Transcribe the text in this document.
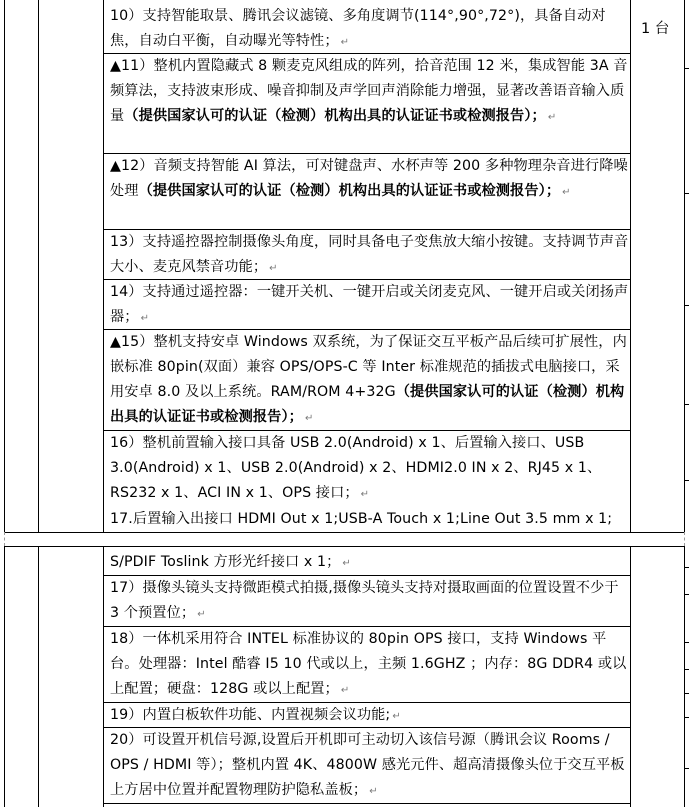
1 台
10）支持智能取景、腾讯会议滤镜、多角度调节(114°,90°,72°)，具备自动对焦，自动白平衡，自动曝光等特性； ↵
▲11）整机内置隐藏式 8 颗麦克风组成的阵列，拾音范围 12 米，集成智能 3A 音频算法，支持波束形成、噪音抑制及声学回声消除能力增强，显著改善语音输入质量（提供国家认可的认证（检测）机构出具的认证证书或检测报告）； ↵
▲12）音频支持智能 AI 算法，可对键盘声、水杯声等 200 多种物理杂音进行降噪处理（提供国家认可的认证（检测）机构出具的认证证书或检测报告）； ↵
13）支持遥控器控制摄像头角度，同时具备电子变焦放大缩小按键。支持调节声音大小、麦克风禁音功能； ↵
14）支持通过遥控器：一键开关机、一键开启或关闭麦克风、一键开启或关闭扬声器； ↵
▲15）整机支持安卓 Windows 双系统，为了保证交互平板产品后续可扩展性，内嵌标准 80pin(双面）兼容 OPS/OPS-C 等 Inter 标准规范的插拔式电脑接口，采用安卓 8.0 及以上系统。RAM/ROM 4+32G（提供国家认可的认证（检测）机构出具的认证证书或检测报告）； ↵
16）整机前置输入接口具备 USB 2.0(Android) x 1、后置输入接口、USB 3.0(Android) x 1、USB 2.0(Android) x 2、HDMI2.0 IN x 2、RJ45 x 1、RS232 x 1、ACI IN x 1、OPS 接口； ↵
17.后置输入出接口 HDMI Out x 1;USB-A Touch x 1;Line Out 3.5 mm x 1;
S/PDIF Toslink 方形光纤接口 x 1； ↵
17）摄像头镜头支持微距模式拍摄,摄像头镜头支持对摄取画面的位置设置不少于 3 个预置位； ↵
18）一体机采用符合 INTEL 标准协议的 80pin OPS 接口，支持 Windows 平台。处理器：Intel 酷睿 I5 10 代或以上，主频 1.6GHZ ；内存：8G DDR4 或以上配置；硬盘：128G 或以上配置； ↵
19）内置白板软件功能、内置视频会议功能; ↵
20）可设置开机信号源,设置后开机即可主动切入该信号源（腾讯会议 Rooms / OPS / HDMI 等）；整机内置 4K、4800W 感光元件、超高清摄像头位于交互平板上方居中位置并配置物理防护隐私盖板； ↵
